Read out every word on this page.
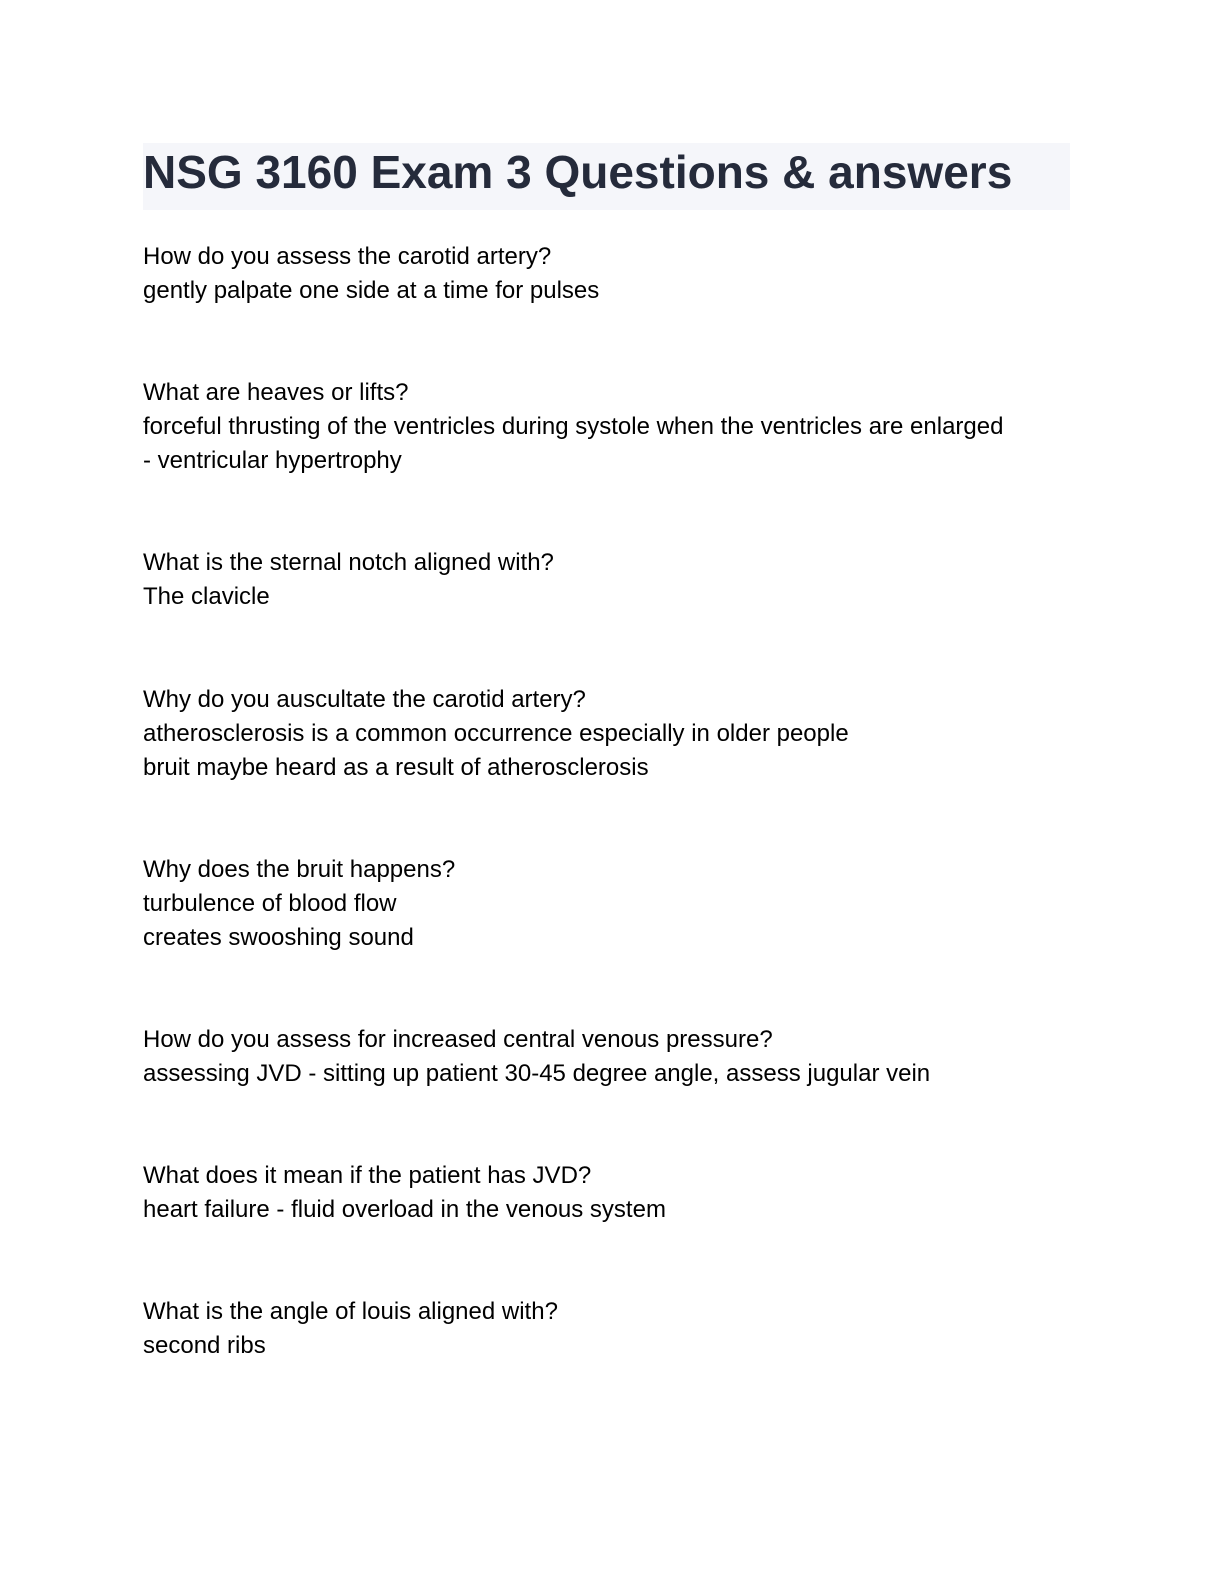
NSG 3160 Exam 3 Questions & answers
How do you assess the carotid artery?
gently palpate one side at a time for pulses
What are heaves or lifts?
forceful thrusting of the ventricles during systole when the ventricles are enlarged
- ventricular hypertrophy
What is the sternal notch aligned with?
The clavicle
Why do you auscultate the carotid artery?
atherosclerosis is a common occurrence especially in older people
bruit maybe heard as a result of atherosclerosis
Why does the bruit happens?
turbulence of blood flow
creates swooshing sound
How do you assess for increased central venous pressure?
assessing JVD - sitting up patient 30-45 degree angle, assess jugular vein
What does it mean if the patient has JVD?
heart failure - fluid overload in the venous system
What is the angle of louis aligned with?
second ribs
